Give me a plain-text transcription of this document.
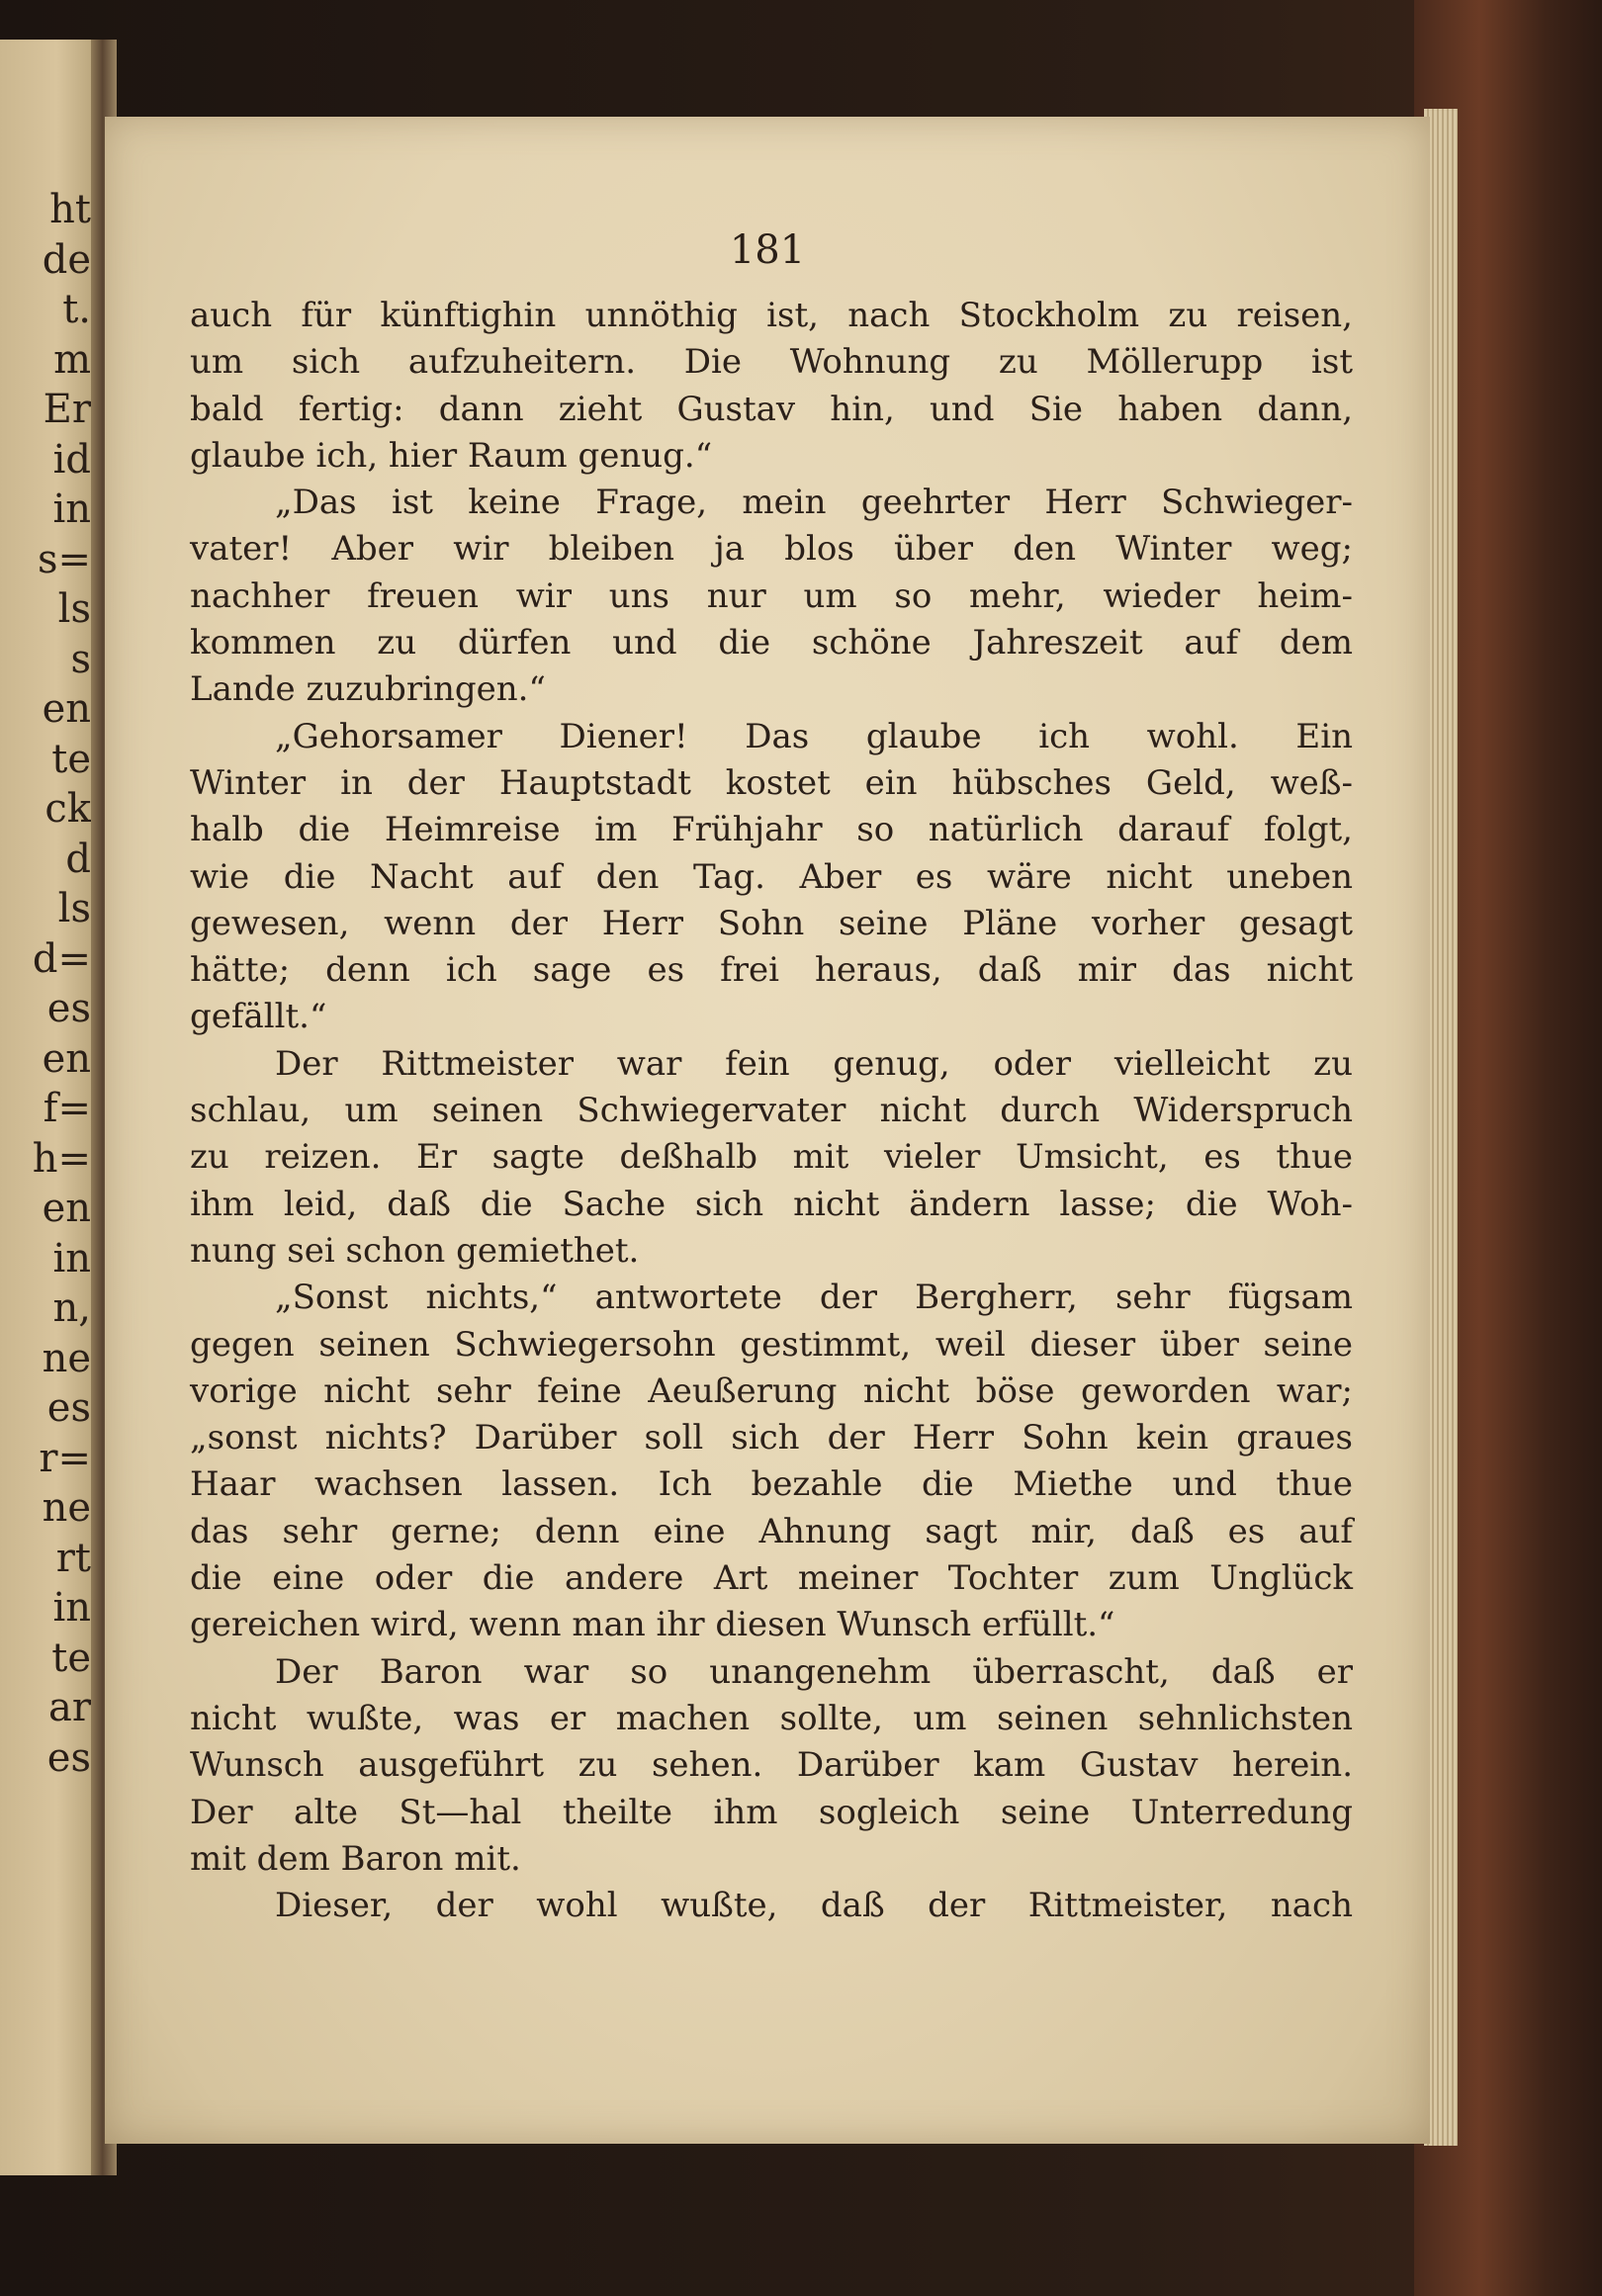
ht
de
t.
m
Er
id
in
s=
ls
s
en
te
ck
d
ls
d=
es
en
f=
h=
en
in
n,
ne
es
r=
ne
rt
in
te
ar
es
181
auch für künftighin unnöthig ist, nach Stockholm zu reisen,
um sich aufzuheitern. Die Wohnung zu Möllerupp ist
bald fertig: dann zieht Gustav hin, und Sie haben dann,
glaube ich, hier Raum genug.“
„Das ist keine Frage, mein geehrter Herr Schwieger-
vater! Aber wir bleiben ja blos über den Winter weg;
nachher freuen wir uns nur um so mehr, wieder heim-
kommen zu dürfen und die schöne Jahreszeit auf dem
Lande zuzubringen.“
„Gehorsamer Diener! Das glaube ich wohl. Ein
Winter in der Hauptstadt kostet ein hübsches Geld, weß-
halb die Heimreise im Frühjahr so natürlich darauf folgt,
wie die Nacht auf den Tag. Aber es wäre nicht uneben
gewesen, wenn der Herr Sohn seine Pläne vorher gesagt
hätte; denn ich sage es frei heraus, daß mir das nicht
gefällt.“
Der Rittmeister war fein genug, oder vielleicht zu
schlau, um seinen Schwiegervater nicht durch Widerspruch
zu reizen. Er sagte deßhalb mit vieler Umsicht, es thue
ihm leid, daß die Sache sich nicht ändern lasse; die Woh-
nung sei schon gemiethet.
„Sonst nichts,“ antwortete der Bergherr, sehr fügsam
gegen seinen Schwiegersohn gestimmt, weil dieser über seine
vorige nicht sehr feine Aeußerung nicht böse geworden war;
„sonst nichts? Darüber soll sich der Herr Sohn kein graues
Haar wachsen lassen. Ich bezahle die Miethe und thue
das sehr gerne; denn eine Ahnung sagt mir, daß es auf
die eine oder die andere Art meiner Tochter zum Unglück
gereichen wird, wenn man ihr diesen Wunsch erfüllt.“
Der Baron war so unangenehm überrascht, daß er
nicht wußte, was er machen sollte, um seinen sehnlichsten
Wunsch ausgeführt zu sehen. Darüber kam Gustav herein.
Der alte St—hal theilte ihm sogleich seine Unterredung
mit dem Baron mit.
Dieser, der wohl wußte, daß der Rittmeister, nach
